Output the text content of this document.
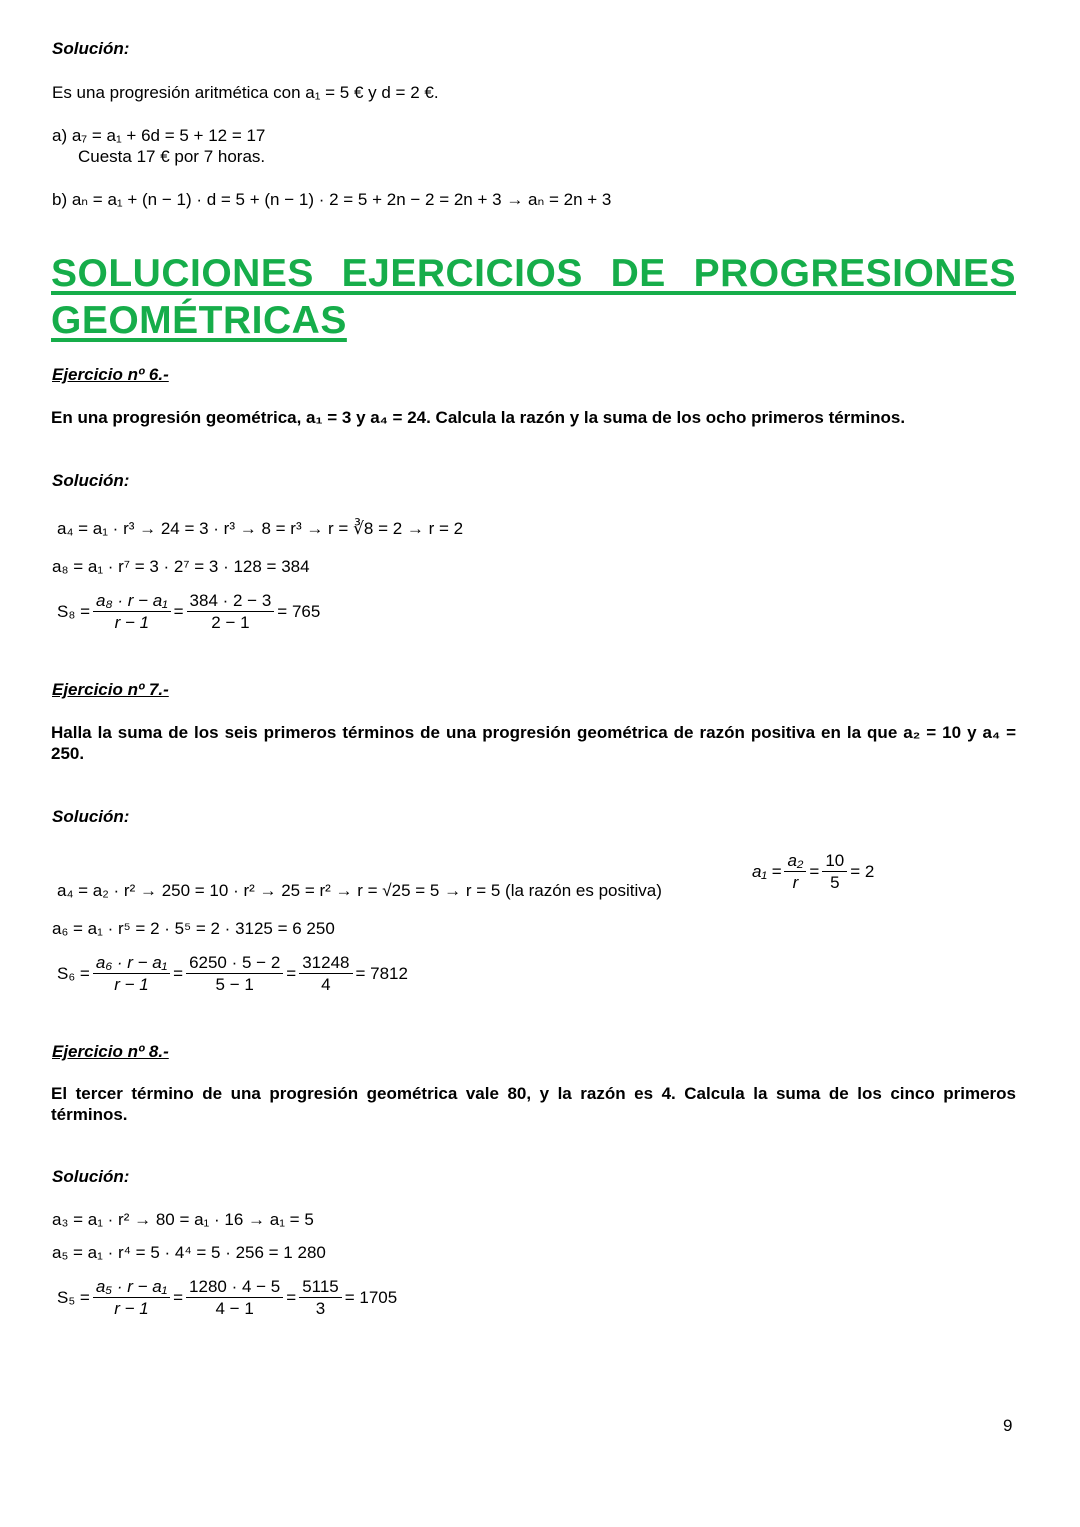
Solución:
Es una progresión aritmética con a₁ = 5 € y d = 2 €.
a) a₇ = a₁ + 6d = 5 + 12 = 17
Cuesta 17 € por 7 horas.
b) aₙ = a₁ + (n − 1) · d = 5 + (n − 1) · 2 = 5 + 2n − 2 = 2n + 3 → aₙ = 2n + 3
SOLUCIONES EJERCICIOS DE PROGRESIONES GEOMÉTRICAS
Ejercicio nº 6.-
En una progresión geométrica, a₁ = 3 y a₄ = 24. Calcula la razón y la suma de los ocho primeros términos.
Solución:
a₄ = a₁ · r³ → 24 = 3 · r³ → 8 = r³ → r = ∛8 = 2 → r = 2
a₈ = a₁ · r⁷ = 3 · 2⁷ = 3 · 128 = 384
$S_8 = \frac{\text{a₈ · r − a₁}}{r - 1} = \frac{384 \cdot 2 - 3}{2 - 1} = 765$
Ejercicio nº 7.-
Halla la suma de los seis primeros términos de una progresión geométrica de razón positiva en la que a₂ = 10 y a₄ = 250.
Solución:
$a_1 = \frac{\text{a₂}}{r} = \frac{10}{5} = 2$
a₄ = a₂ · r² → 250 = 10 · r² → 25 = r² → r = √25 = 5 → r = 5 (la razón es positiva)
a₆ = a₁ · r⁵ = 2 · 5⁵ = 2 · 3125 = 6 250
$S_6 = \frac{\text{a₆ · r − a₁}}{r - 1} = \frac{6250 \cdot 5 - 2}{5 - 1} = \frac{31248}{4} = 7812$
Ejercicio nº 8.-
El tercer término de una progresión geométrica vale 80, y la razón es 4. Calcula la suma de los cinco primeros términos.
Solución:
a₃ = a₁ · r² → 80 = a₁ · 16 → a₁ = 5
a₅ = a₁ · r⁴ = 5 · 4⁴ = 5 · 256 = 1 280
$S_5 = \frac{\text{a₅ · r − a₁}}{r - 1} = \frac{1280 \cdot 4 - 5}{4 - 1} = \frac{5115}{3} = 1705$
9
